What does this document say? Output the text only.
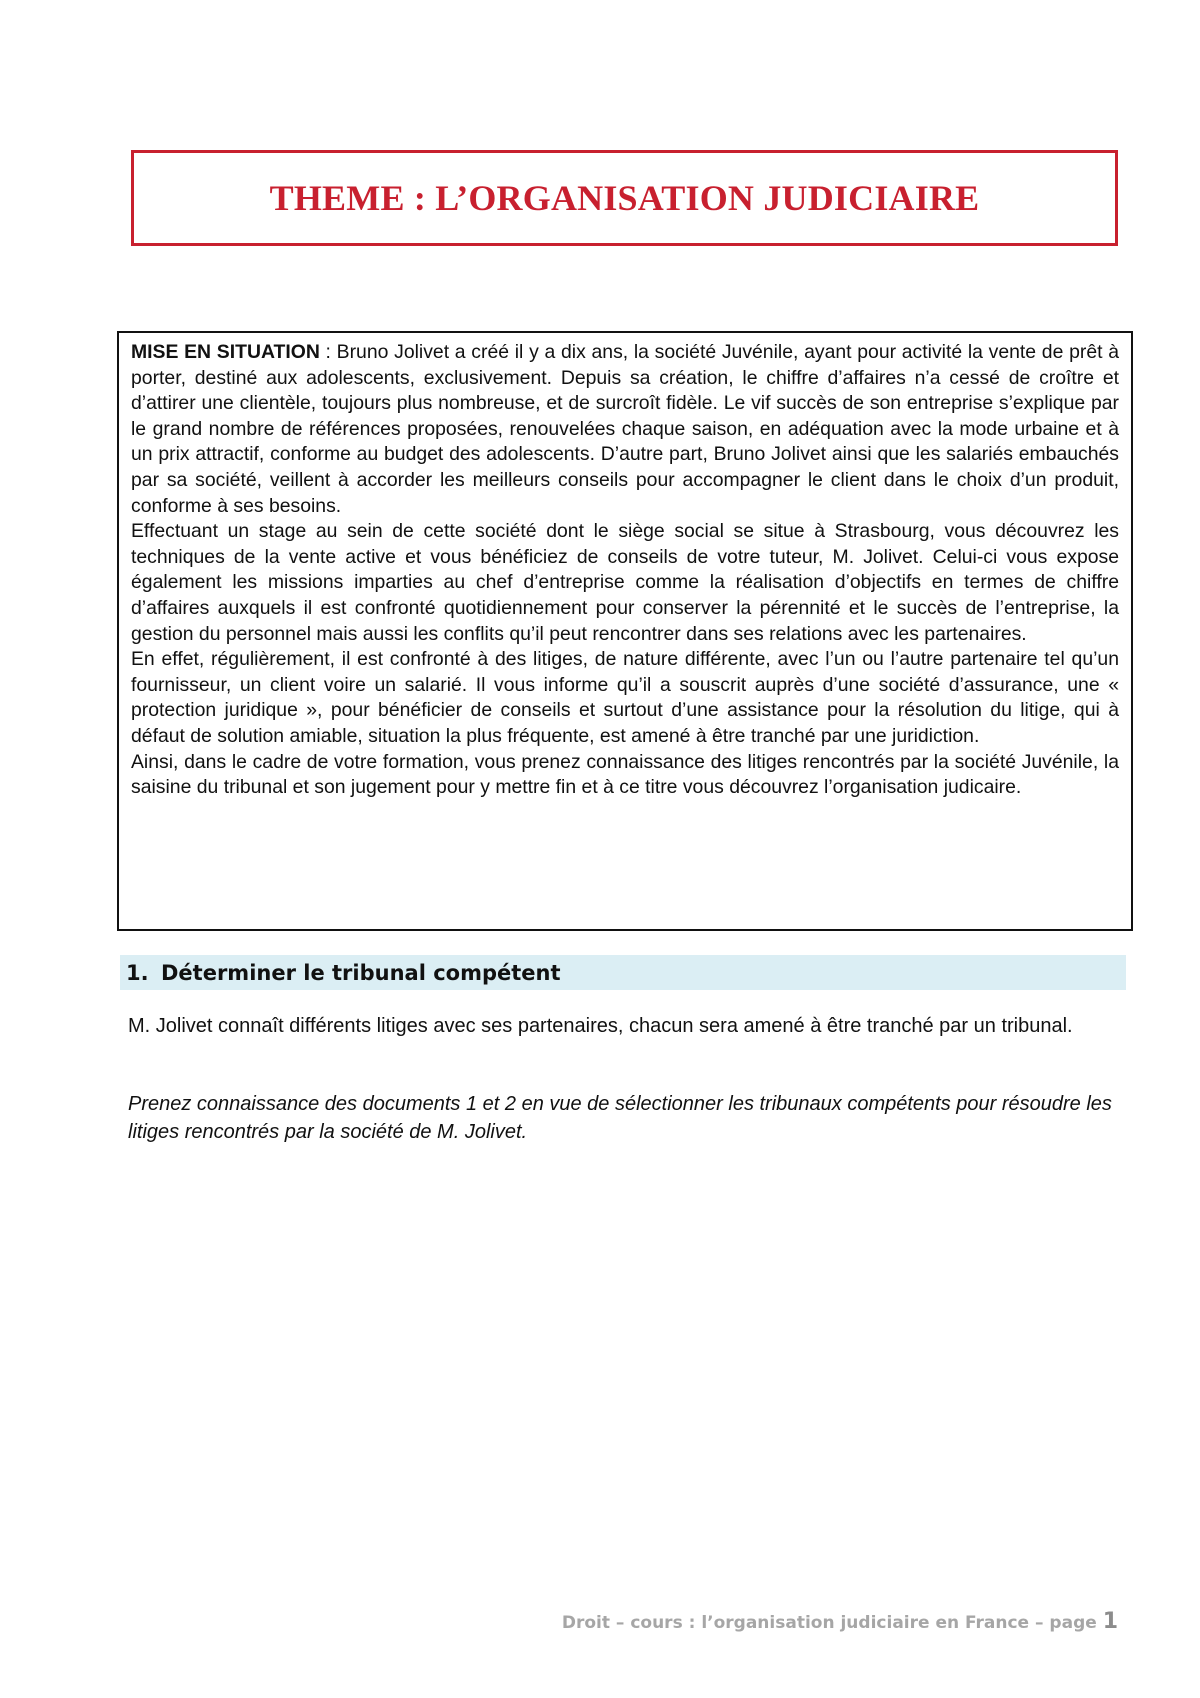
THEME : L’ORGANISATION JUDICIAIRE

MISE EN SITUATION : Bruno Jolivet a créé il y a dix ans, la société Juvénile, ayant pour activité la vente de prêt à porter, destiné aux adolescents, exclusivement. Depuis sa création, le chiffre d’affaires n’a cessé de croître et d’attirer une clientèle, toujours plus nombreuse, et de surcroît fidèle. Le vif succès de son entreprise s’explique par le grand nombre de références proposées, renouvelées chaque saison, en adéquation avec la mode urbaine et à un prix attractif, conforme au budget des adolescents. D’autre part, Bruno Jolivet ainsi que les salariés embauchés par sa société, veillent à accorder les meilleurs conseils pour accompagner le client dans le choix d’un produit, conforme à ses besoins.

Effectuant un stage au sein de cette société dont le siège social se situe à Strasbourg, vous découvrez les techniques de la vente active et vous bénéficiez de conseils de votre tuteur, M. Jolivet. Celui-ci vous expose également les missions imparties au chef d’entreprise comme la réalisation d’objectifs en termes de chiffre d’affaires auxquels il est confronté quotidiennement pour conserver la pérennité et le succès de l’entreprise, la gestion du personnel mais aussi les conflits qu’il peut rencontrer dans ses relations avec les partenaires.

En effet, régulièrement, il est confronté à des litiges, de nature différente, avec l’un ou l’autre partenaire tel qu’un fournisseur, un client voire un salarié. Il vous informe qu’il a souscrit auprès d’une société d’assurance, une « protection juridique », pour bénéficier de conseils et surtout d’une assistance pour la résolution du litige, qui à défaut de solution amiable, situation la plus fréquente, est amené à être tranché par une juridiction.

Ainsi, dans le cadre de votre formation, vous prenez connaissance des litiges rencontrés par la société Juvénile, la saisine du tribunal et son jugement pour y mettre fin et à ce titre vous découvrez l’organisation judicaire.

1. Déterminer le tribunal compétent

M. Jolivet connaît différents litiges avec ses partenaires, chacun sera amené à être tranché par un tribunal.

Prenez connaissance des documents 1 et 2 en vue de sélectionner les tribunaux compétents pour résoudre les litiges rencontrés par la société de M. Jolivet.

Droit – cours : l’organisation judiciaire en France – page 1
